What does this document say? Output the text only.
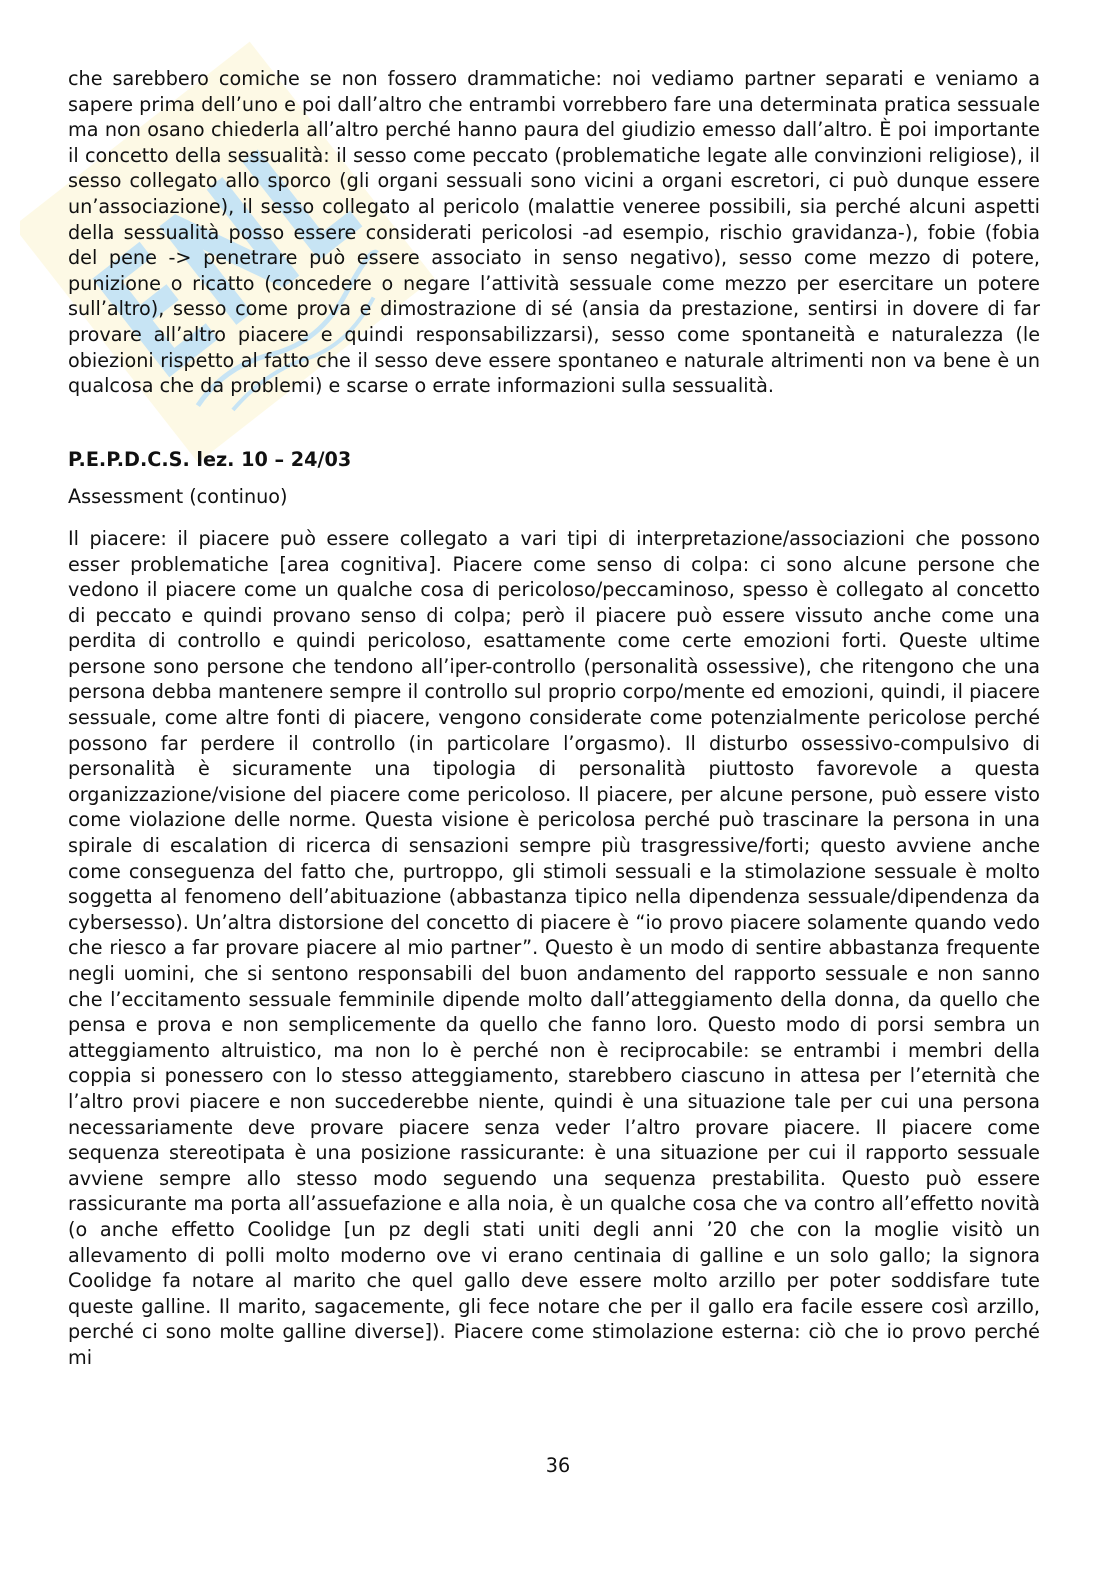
che sarebbero comiche se non fossero drammatiche: noi vediamo partner separati e veniamo a sapere prima dell’uno e poi dall’altro che entrambi vorrebbero fare una determinata pratica sessuale ma non osano chiederla all’altro perché hanno paura del giudizio emesso dall’altro. È poi importante il concetto della sessualità: il sesso come peccato (problematiche legate alle convinzioni religiose), il sesso collegato allo sporco (gli organi sessuali sono vicini a organi escretori, ci può dunque essere un’associazione), il sesso collegato al pericolo (malattie veneree possibili, sia perché alcuni aspetti della sessualità posso essere considerati pericolosi -ad esempio, rischio gravidanza-), fobie (fobia del pene -> penetrare può essere associato in senso negativo), sesso come mezzo di potere, punizione o ricatto (concedere o negare l’attività sessuale come mezzo per esercitare un potere sull’altro), sesso come prova e dimostrazione di sé (ansia da prestazione, sentirsi in dovere di far provare all’altro piacere e quindi responsabilizzarsi), sesso come spontaneità e naturalezza (le obiezioni rispetto al fatto che il sesso deve essere spontaneo e naturale altrimenti non va bene è un qualcosa che da problemi) e scarse o errate informazioni sulla sessualità.

P.E.P.D.C.S. lez. 10 – 24/03

Assessment (continuo)

Il piacere: il piacere può essere collegato a vari tipi di interpretazione/associazioni che possono esser problematiche [area cognitiva]. Piacere come senso di colpa: ci sono alcune persone che vedono il piacere come un qualche cosa di pericoloso/peccaminoso, spesso è collegato al concetto di peccato e quindi provano senso di colpa; però il piacere può essere vissuto anche come una perdita di controllo e quindi pericoloso, esattamente come certe emozioni forti. Queste ultime persone sono persone che tendono all’iper-controllo (personalità ossessive), che ritengono che una persona debba mantenere sempre il controllo sul proprio corpo/mente ed emozioni, quindi, il piacere sessuale, come altre fonti di piacere, vengono considerate come potenzialmente pericolose perché possono far perdere il controllo (in particolare l’orgasmo). Il disturbo ossessivo-compulsivo di personalità è sicuramente una tipologia di personalità piuttosto favorevole a questa organizzazione/visione del piacere come pericoloso. Il piacere, per alcune persone, può essere visto come violazione delle norme. Questa visione è pericolosa perché può trascinare la persona in una spirale di escalation di ricerca di sensazioni sempre più trasgressive/forti; questo avviene anche come conseguenza del fatto che, purtroppo, gli stimoli sessuali e la stimolazione sessuale è molto soggetta al fenomeno dell’abituazione (abbastanza tipico nella dipendenza sessuale/dipendenza da cybersesso). Un’altra distorsione del concetto di piacere è “io provo piacere solamente quando vedo che riesco a far provare piacere al mio partner”. Questo è un modo di sentire abbastanza frequente negli uomini, che si sentono responsabili del buon andamento del rapporto sessuale e non sanno che l’eccitamento sessuale femminile dipende molto dall’atteggiamento della donna, da quello che pensa e prova e non semplicemente da quello che fanno loro. Questo modo di porsi sembra un atteggiamento altruistico, ma non lo è perché non è reciprocabile: se entrambi i membri della coppia si ponessero con lo stesso atteggiamento, starebbero ciascuno in attesa per l’eternità che l’altro provi piacere e non succederebbe niente, quindi è una situazione tale per cui una persona necessariamente deve provare piacere senza veder l’altro provare piacere. Il piacere come sequenza stereotipata è una posizione rassicurante: è una situazione per cui il rapporto sessuale avviene sempre allo stesso modo seguendo una sequenza prestabilita. Questo può essere rassicurante ma porta all’assuefazione e alla noia, è un qualche cosa che va contro all’effetto novità (o anche effetto Coolidge [un pz degli stati uniti degli anni ’20 che con la moglie visitò un allevamento di polli molto moderno ove vi erano centinaia di galline e un solo gallo; la signora Coolidge fa notare al marito che quel gallo deve essere molto arzillo per poter soddisfare tute queste galline. Il marito, sagacemente, gli fece notare che per il gallo era facile essere così arzillo, perché ci sono molte galline diverse]). Piacere come stimolazione esterna: ciò che io provo perché mi

36
